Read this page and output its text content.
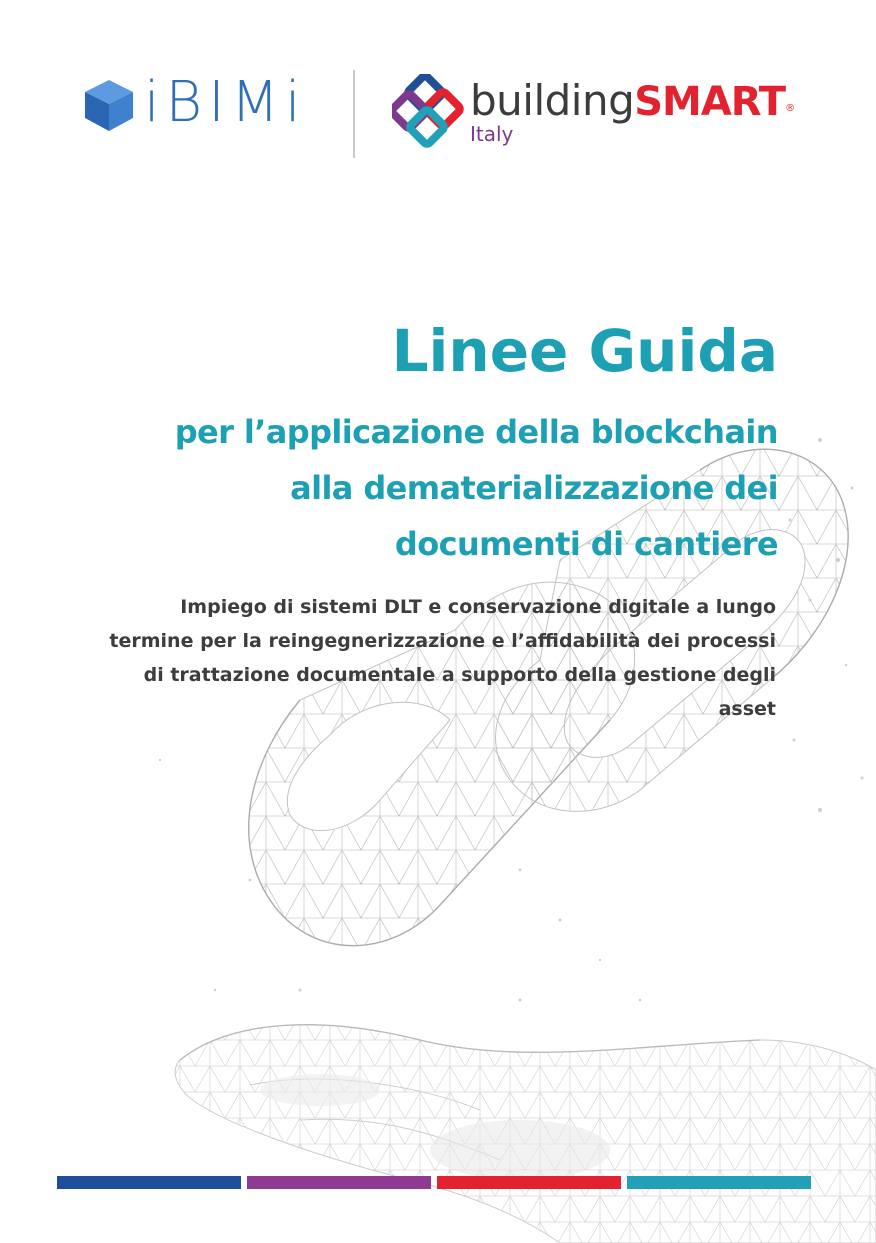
iBIMi	buildingSMART®
Italy
Linee Guida
per l’applicazione della blockchain
alla dematerializzazione dei
documenti di cantiere

Impiego di sistemi DLT e conservazione digitale a lungo termine per la reingegnerizzazione e l’affidabilità dei processi di trattazione documentale a supporto della gestione degli asset
